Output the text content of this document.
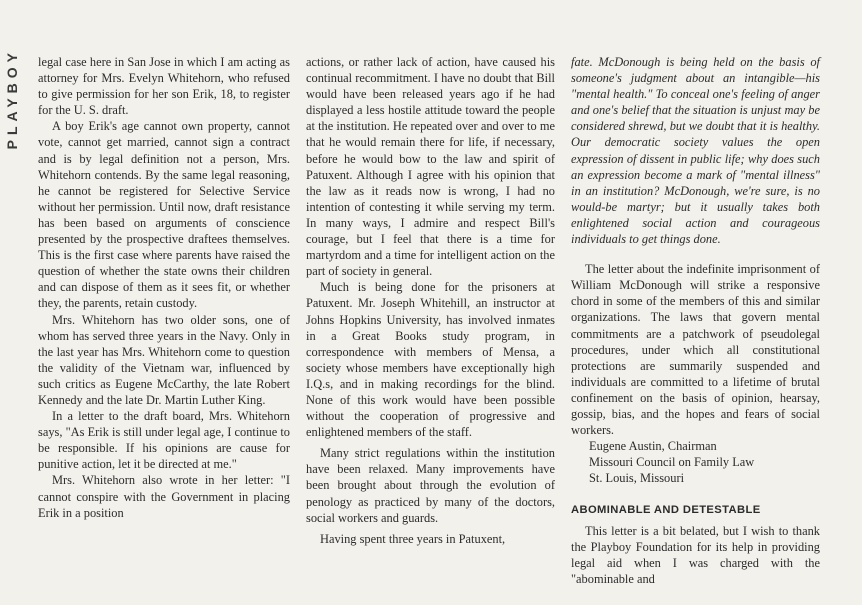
PLAYBOY legal case here in San Jose in which I am acting as attorney for Mrs. Evelyn Whitehorn, who refused to give permission for her son Erik, 18, to register for the U. S. draft.

A boy Erik's age cannot own property, cannot vote, cannot get married, cannot sign a contract and is by legal definition not a person, Mrs. Whitehorn contends. By the same legal reasoning, he cannot be registered for Selective Service without her permission. Until now, draft resistance has been based on arguments of conscience presented by the prospective draftees themselves. This is the first case where parents have raised the question of whether the state owns their children and can dispose of them as it sees fit, or whether they, the parents, retain custody.

Mrs. Whitehorn has two older sons, one of whom has served three years in the Navy. Only in the last year has Mrs. Whitehorn come to question the validity of the Vietnam war, influenced by such critics as Eugene McCarthy, the late Robert Kennedy and the late Dr. Martin Luther King.

In a letter to the draft board, Mrs. Whitehorn says, "As Erik is still under legal age, I continue to be responsible. If his opinions are cause for punitive action, let it be directed at me."

Mrs. Whitehorn also wrote in her letter: "I cannot conspire with the Government in placing Erik in a position

actions, or rather lack of action, have caused his continual recommitment. I have no doubt that Bill would have been released years ago if he had displayed a less hostile attitude toward the people at the institution. He repeated over and over to me that he would remain there for life, if necessary, before he would bow to the law and spirit of Patuxent. Although I agree with his opinion that the law as it reads now is wrong, I had no intention of contesting it while serving my term. In many ways, I admire and respect Bill's courage, but I feel that there is a time for martyrdom and a time for intelligent action on the part of society in general.

Much is being done for the prisoners at Patuxent. Mr. Joseph Whitehill, an instructor at Johns Hopkins University, has involved inmates in a Great Books study program, in correspondence with members of Mensa, a society whose members have exceptionally high I.Q.s, and in making recordings for the blind. None of this work would have been possible without the cooperation of progressive and enlightened members of the staff.

Many strict regulations within the institution have been relaxed. Many improvements have been brought about through the evolution of penology as practiced by many of the doctors, social workers and guards.

Having spent three years in Patuxent,

fate. McDonough is being held on the basis of someone's judgment about an intangible—his "mental health." To conceal one's feeling of anger and one's belief that the situation is unjust may be considered shrewd, but we doubt that it is healthy. Our democratic society values the open expression of dissent in public life; why does such an expression become a mark of "mental illness" in an institution? McDonough, we're sure, is no would-be martyr; but it usually takes both enlightened social action and courageous individuals to get things done.

The letter about the indefinite imprisonment of William McDonough will strike a responsive chord in some of the members of this and similar organizations. The laws that govern mental commitments are a patchwork of pseudolegal procedures, under which all constitutional protections are summarily suspended and individuals are committed to a lifetime of brutal confinement on the basis of opinion, hearsay, gossip, bias, and the hopes and fears of social workers.

Eugene Austin, Chairman

Missouri Council on Family Law

St. Louis, Missouri

ABOMINABLE AND DETESTABLE

This letter is a bit belated, but I wish to thank the Playboy Foundation for its help in providing legal aid when I was charged with the "abominable and
